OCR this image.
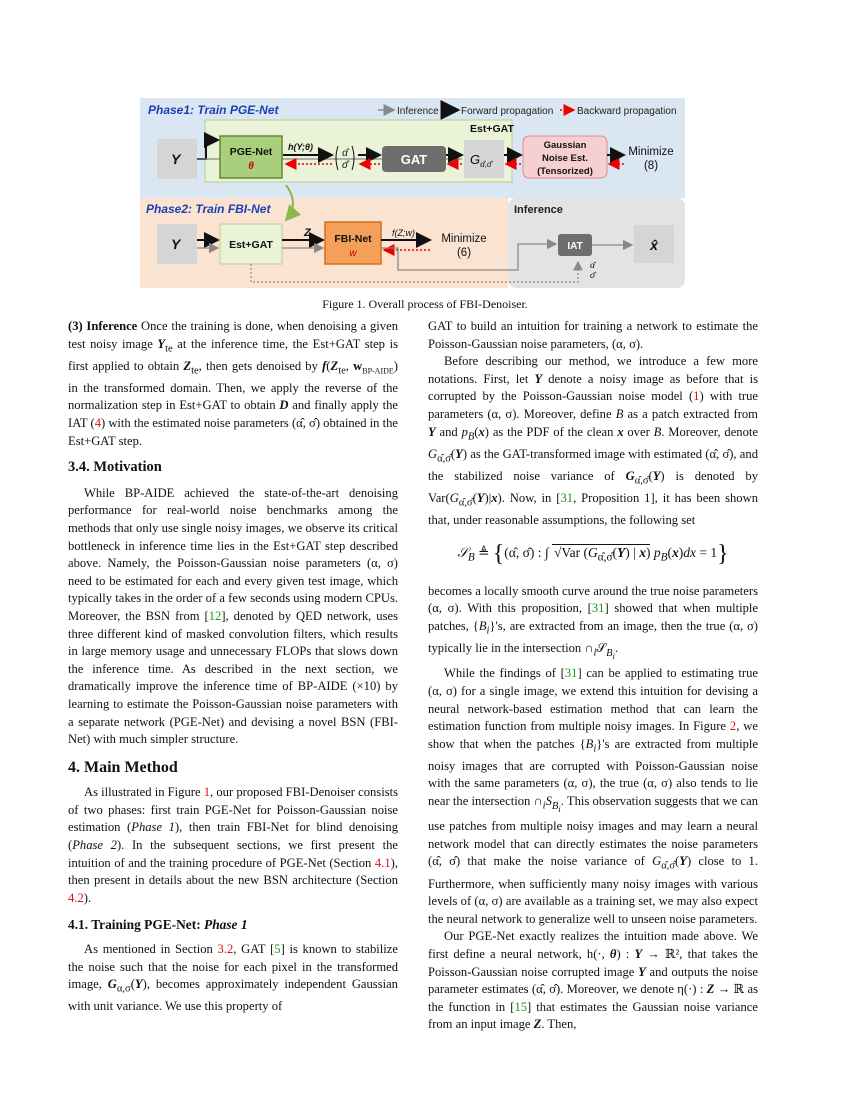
Phase1: Train PGE-Net
Phase2: Train FBI-Net	Inference
Inference Forward propagation Backward propagation
Est+GAT
Y	PGE-Net
θ
h(Y;θ)
α̂
σ̂	GAT	$G_{\alphâ,\sigmâ}$
Gaussian
Noise Est.
(Tensorized)
Minimize
(8)
Y	Est+GAT
Z FBI-Net
w
f(Z;w) Minimize
(6)
IAT
α̂
σ̂
x̂
Figure 1. Overall process of FBI-Denoiser.

(3) Inference Once the training is done, when denoising a given test noisy image $Y_{te}$ at the inference time, the Est+GAT step is first applied to obtain $Z_{te}$, then gets denoised by $f(Z_{te}$, $w_{BP-AIDE}$) in the transformed domain. Then, we apply the reverse of the normalization step in Est+GAT to obtain D and finally apply the IAT (4) with the estimated noise parameters (α̂, σ̂) obtained in the Est+GAT step.

3.4. Motivation

While BP-AIDE achieved the state-of-the-art denoising performance for real-world noise benchmarks among the methods that only use single noisy images, we observe its critical bottleneck in inference time lies in the Est+GAT step described above. Namely, the Poisson-Gaussian noise parameters (α, σ) need to be estimated for each and every given test image, which typically takes in the order of a few seconds using modern CPUs. Moreover, the BSN from [12], denoted by QED network, uses three different kind of masked convolution filters, which results in large memory usage and unnecessary FLOPs that slows down the inference time. As described in the next section, we dramatically improve the inference time of BP-AIDE (×10) by learning to estimate the Poisson-Gaussian noise parameters with a separate network (PGE-Net) and devising a novel BSN (FBI-Net) with much simpler structure.

4. Main Method

As illustrated in Figure 1, our proposed FBI-Denoiser consists of two phases: first train PGE-Net for Poisson-Gaussian noise estimation (Phase 1), then train FBI-Net for blind denoising (Phase 2). In the subsequent sections, we first present the intuition of and the training procedure of PGE-Net (Section 4.1), then present in details about the new BSN architecture (Section 4.2).

4.1. Training PGE-Net: Phase 1

As mentioned in Section 3.2, GAT [5] is known to stabilize the noise such that the noise for each pixel in the transformed image, $G_{\alpha,\sigma}(Y)$, becomes approximately independent Gaussian with unit variance. We use this property of

GAT to build an intuition for training a network to estimate the Poisson-Gaussian noise parameters, (α, σ).

Before describing our method, we introduce a few more notations. First, let Y denote a noisy image as before that is corrupted by the Poisson-Gaussian noise model (1) with true parameters (α, σ). Moreover, define B as a patch extracted from Y and $p_B(x)$ as the PDF of the clean x over B. Moreover, denote $G_{\alphâ,\sigmâ}(Y)$ as the GAT-transformed image with estimated (α̂, σ̂), and the stabilized noise variance of $G_{\alphâ,\sigmâ}(Y)$ is denoted by $Var(G_{\alphâ,\sigmâ}(Y)|x)$. Now, in [31, Proposition 1], it has been shown that, under reasonable assumptions, the following set

𝒮$_B$ ≜ {(α̂, σ̂) : ∫ √Var ($G_{\alphâ,\sigmâ}(Y)$ | x) $p_B(x)dx = 1$}

becomes a locally smooth curve around the true noise parameters (α, σ). With this proposition, [31] showed that when multiple patches, $\{B_i\}'s$, are extracted from an image, then the true (α, σ) typically lie in the intersection $\cap_i𝒮_{B_i}$.

While the findings of [31] can be applied to estimating true (α, σ) for a single image, we extend this intuition for devising a neural network-based estimation method that can learn the estimation function from multiple noisy images. In Figure 2, we show that when the patches $\{B_i\}'s$ are extracted from multiple noisy images that are corrupted with Poisson-Gaussian noise with the same parameters (α, σ), the true (α, σ) also tends to lie near the intersection $\cap_iS_{B_i}$. This observation suggests that we can use patches from multiple noisy images and may learn a neural network model that can directly estimates the noise parameters (α̂, σ̂) that make the noise variance of $G_{\alphâ,\sigmâ}(Y)$ close to 1. Furthermore, when sufficiently many noisy images with various levels of (α, σ) are available as a training set, we may also expect the neural network to generalize well to unseen noise parameters.

Our PGE-Net exactly realizes the intuition made above. We first define a neural network, h(·, θ) : Y → ℝ², that takes the Poisson-Gaussian noise corrupted image Y and outputs the noise parameter estimates (α̂, σ̂). Moreover, we denote η(·) : Z → ℝ as the function in [15] that estimates the Gaussian noise variance from an input image Z. Then,
